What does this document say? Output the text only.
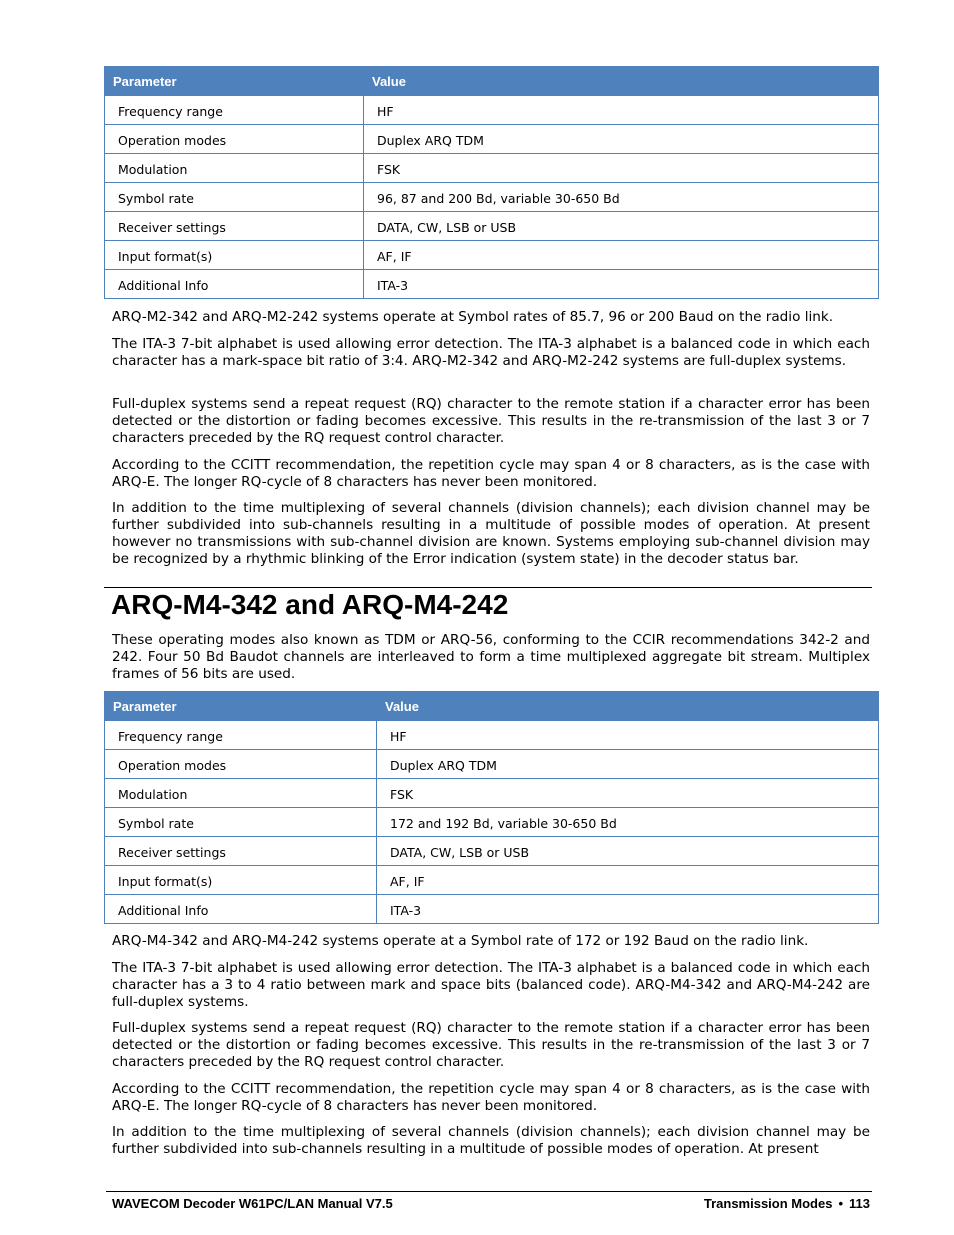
Parameter	Value
Frequency range	HF
Operation modes	Duplex ARQ TDM
Modulation	FSK
Symbol rate	96, 87 and 200 Bd, variable 30-650 Bd
Receiver settings	DATA, CW, LSB or USB
Input format(s)	AF, IF
Additional Info	ITA-3

ARQ-M2-342 and ARQ-M2-242 systems operate at Symbol rates of 85.7, 96 or 200 Baud on the radio link.

The ITA-3 7-bit alphabet is used allowing error detection. The ITA-3 alphabet is a balanced code in which each character has a mark-space bit ratio of 3:4. ARQ-M2-342 and ARQ-M2-242 systems are full-duplex systems.

Full-duplex systems send a repeat request (RQ) character to the remote station if a character error has been detected or the distortion or fading becomes excessive. This results in the re-transmission of the last 3 or 7 characters preceded by the RQ request control character.

According to the CCITT recommendation, the repetition cycle may span 4 or 8 characters, as is the case with ARQ-E. The longer RQ-cycle of 8 characters has never been monitored.

In addition to the time multiplexing of several channels (division channels); each division channel may be further subdivided into sub-channels resulting in a multitude of possible modes of operation. At present however no transmissions with sub-channel division are known. Systems employing sub-channel division may be recognized by a rhythmic blinking of the Error indication (system state) in the decoder status bar.

ARQ-M4-342 and ARQ-M4-242

These operating modes also known as TDM or ARQ-56, conforming to the CCIR recommendations 342-2 and 242. Four 50 Bd Baudot channels are interleaved to form a time multiplexed aggregate bit stream. Multiplex frames of 56 bits are used.

Parameter	Value
Frequency range	HF
Operation modes	Duplex ARQ TDM
Modulation	FSK
Symbol rate	172 and 192 Bd, variable 30-650 Bd
Receiver settings	DATA, CW, LSB or USB
Input format(s)	AF, IF
Additional Info	ITA-3

ARQ-M4-342 and ARQ-M4-242 systems operate at a Symbol rate of 172 or 192 Baud on the radio link.

The ITA-3 7-bit alphabet is used allowing error detection. The ITA-3 alphabet is a balanced code in which each character has a 3 to 4 ratio between mark and space bits (balanced code). ARQ-M4-342 and ARQ-M4-242 are full-duplex systems.

Full-duplex systems send a repeat request (RQ) character to the remote station if a character error has been detected or the distortion or fading becomes excessive. This results in the re-transmission of the last 3 or 7 characters preceded by the RQ request control character.

According to the CCITT recommendation, the repetition cycle may span 4 or 8 characters, as is the case with ARQ-E. The longer RQ-cycle of 8 characters has never been monitored.

In addition to the time multiplexing of several channels (division channels); each division channel may be further subdivided into sub-channels resulting in a multitude of possible modes of operation. At present

WAVECOM Decoder W61PC/LAN Manual V7.5	Transmission Modes • 113
